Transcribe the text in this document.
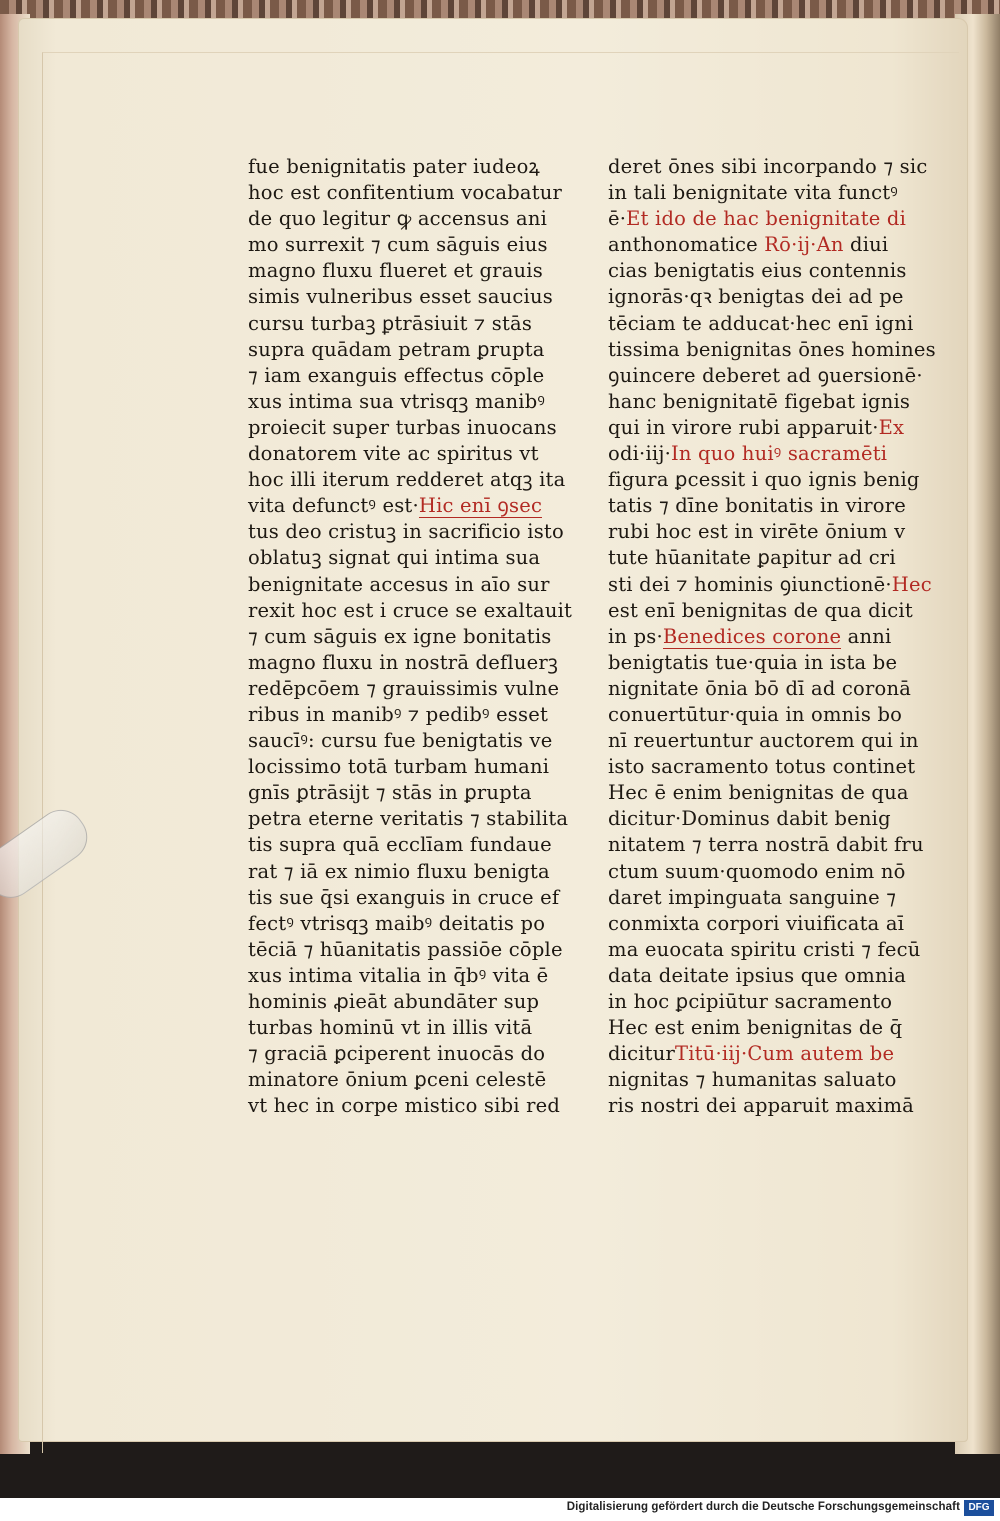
fue benignitatis pater iudeoꝝ
hoc est confitentium vocabatur
de quo legitur ꝙ accensus ani
mo surrexit ⁊ cum sāguis eius
magno fluxu flueret et grauis
simis vulneribus esset saucius
cursu turbaꝫ ꝑtrāsiuit ⁊ stās
supra quādam petram ꝑrupta
⁊ iam exanguis effectus cōple
xus intima sua vtrisqꝫ manibꝰ
proiecit super turbas inuocans
donatorem vite ac spiritus vt
hoc illi iterum redderet atqꝫ ita
vita defunctꝰ est·Hic enī ꝯsec
tus deo cristuꝫ in sacrificio isto
oblatuꝫ signat qui intima sua
benignitate accesus in aīo sur
rexit hoc est i cruce se exaltauit
⁊ cum sāguis ex igne bonitatis
magno fluxu in nostrā defluerꝫ
redēpcōem ⁊ grauissimis vulne
ribus in manibꝰ ⁊ pedibꝰ esset
saucīꝰ: cursu fue benigtatis ve
locissimo totā turbam humani
gnīs ꝑtrāsijt ⁊ stās in ꝑrupta
petra eterne veritatis ⁊ stabilita
tis supra quā ecclīam fundaue
rat ⁊ iā ex nimio fluxu benigta
tis sue q̄si exanguis in cruce ef
fectꝰ vtrisqꝫ maibꝰ deitatis po
tēciā ⁊ hūanitatis passiōe cōple
xus intima vitalia in q̄bꝰ vita ē
hominis ꝓieāt abundāter sup
turbas hominū vt in illis vitā
⁊ graciā ꝑciperent inuocās do
minatore ōnium ꝑceni celestē
vt hec in corpe mistico sibi red
deret ōnes sibi incorpando ⁊ sic
in tali benignitate vita functꝰ
ē·Et ido de hac benignitate di
anthonomatice Rō·ij·An diui
cias benigtatis eius contennis
ignorās·qꝛ benigtas dei ad pe
tēciam te adducat·hec enī igni
tissima benignitas ōnes homines
ꝯuincere deberet ad ꝯuersionē·
hanc benignitatē figebat ignis
qui in virore rubi apparuit·Ex
odi·iij·In quo huiꝰ sacramēti
figura ꝑcessit i quo ignis benig
tatis ⁊ dīne bonitatis in virore
rubi hoc est in virēte ōnium v
tute hūanitate ꝑapitur ad cri
sti dei ⁊ hominis ꝯiunctionē·Hec
est enī benignitas de qua dicit
in ps·Benedices corone anni
benigtatis tue·quia in ista be
nignitate ōnia bō dī ad coronā
conuertūtur·quia in omnis bo
nī reuertuntur auctorem qui in
isto sacramento totus continet
Hec ē enim benignitas de qua
dicitur·Dominus dabit benig
nitatem ⁊ terra nostrā dabit fru
ctum suum·quomodo enim nō
daret impinguata sanguine ⁊
conmixta corpori viuificata aī
ma euocata spiritu cristi ⁊ fecū
data deitate ipsius que omnia
in hoc ꝑcipiūtur sacramento
Hec est enim benignitas de q̄
diciturTitū·iij·Cum autem be
nignitas ⁊ humanitas saluato
ris nostri dei apparuit maximā
Digitalisierung gefördert durch die Deutsche Forschungsgemeinschaft DFG
